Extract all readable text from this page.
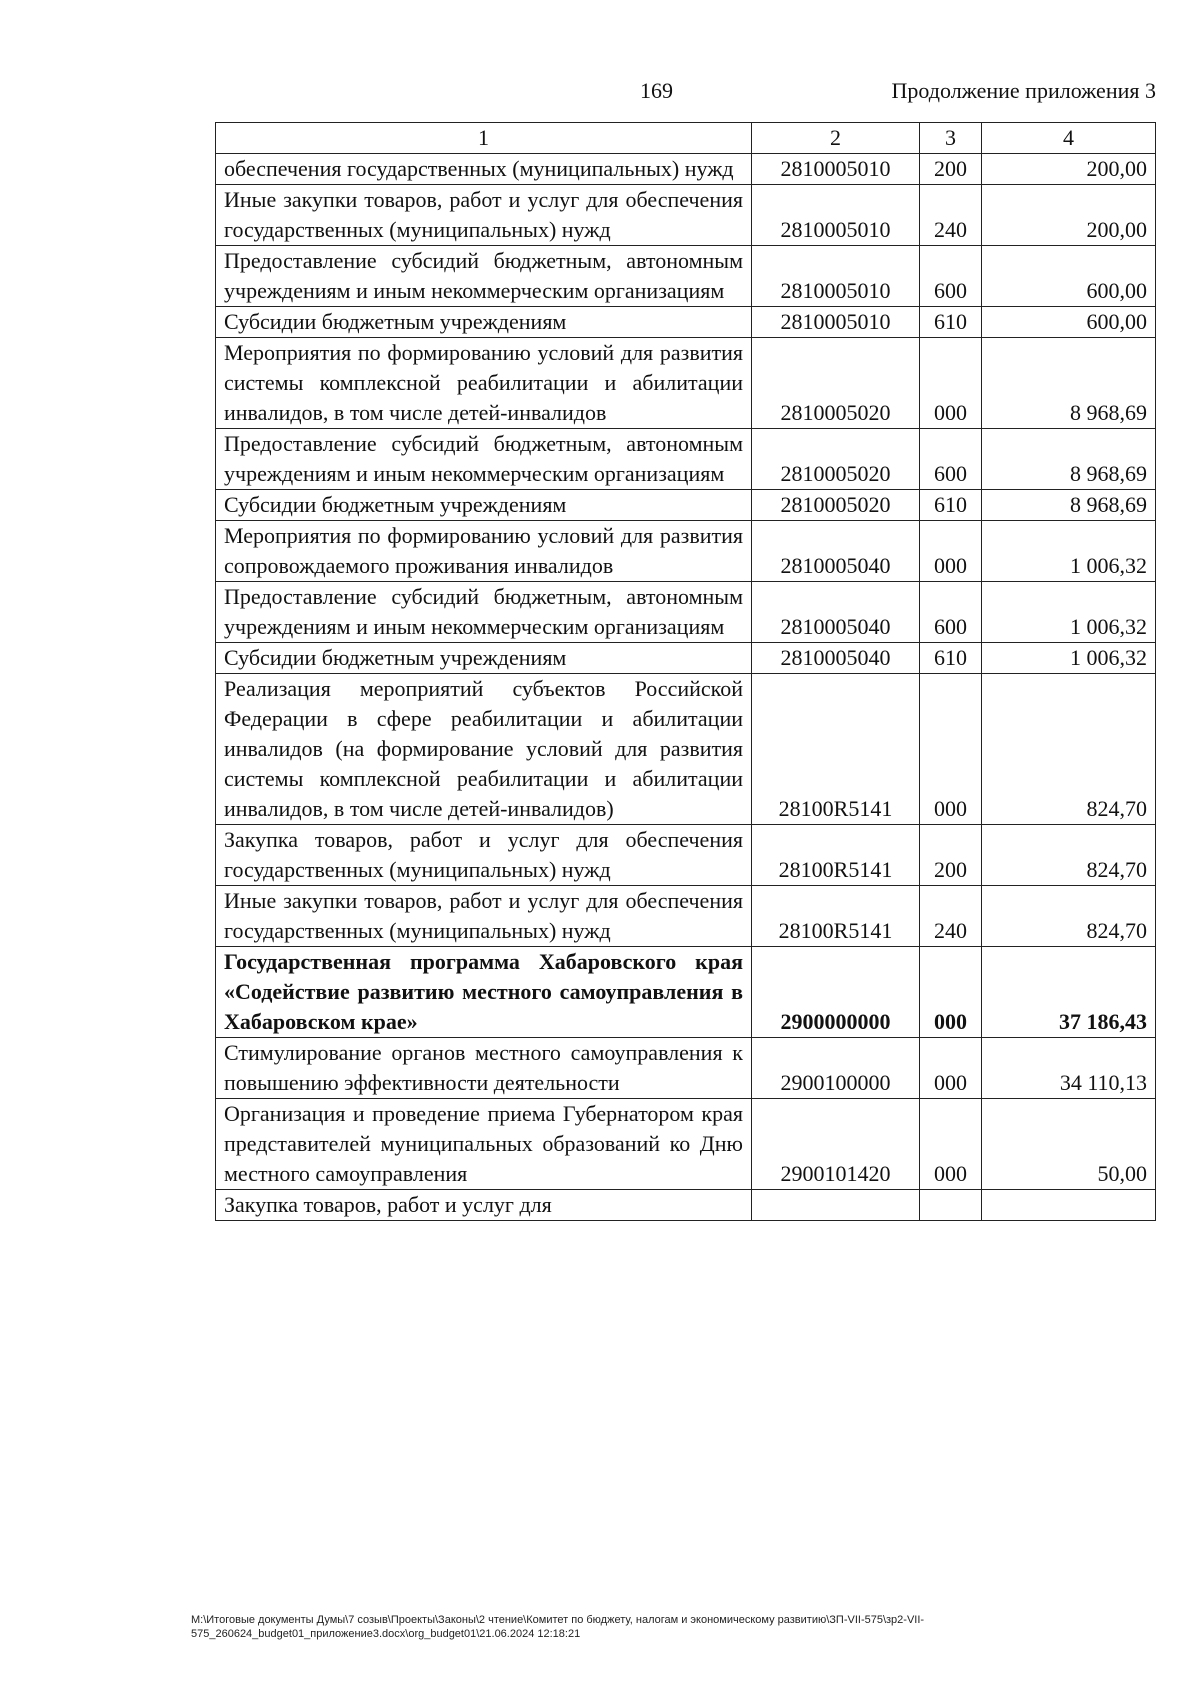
169	Продолжение приложения 3
1	2	3	4
обеспечения государственных (муниципальных) нужд	2810005010	200	200,00
Иные закупки товаров, работ и услуг для обеспечения государственных (муниципальных) нужд	2810005010	240	200,00
Предоставление субсидий бюджетным, автономным учреждениям и иным некоммерческим организациям	2810005010	600	600,00
Субсидии бюджетным учреждениям	2810005010	610	600,00
Мероприятия по формированию условий для развития системы комплексной реабилитации и абилитации инвалидов, в том числе детей-инвалидов	2810005020	000	8 968,69
Предоставление субсидий бюджетным, автономным учреждениям и иным некоммерческим организациям	2810005020	600	8 968,69
Субсидии бюджетным учреждениям	2810005020	610	8 968,69
Мероприятия по формированию условий для развития сопровождаемого проживания инвалидов	2810005040	000	1 006,32
Предоставление субсидий бюджетным, автономным учреждениям и иным некоммерческим организациям	2810005040	600	1 006,32
Субсидии бюджетным учреждениям	2810005040	610	1 006,32
Реализация мероприятий субъектов Российской Федерации в сфере реабилитации и абилитации инвалидов (на формирование условий для развития системы комплексной реабилитации и абилитации инвалидов, в том числе детей-инвалидов)	28100R5141	000	824,70
Закупка товаров, работ и услуг для обеспечения государственных (муниципальных) нужд	28100R5141	200	824,70
Иные закупки товаров, работ и услуг для обеспечения государственных (муниципальных) нужд	28100R5141	240	824,70
Государственная программа Хабаровского края «Содействие развитию местного самоуправления в Хабаровском крае»	2900000000	000	37 186,43
Стимулирование органов местного самоуправления к повышению эффективности деятельности	2900100000	000	34 110,13
Организация и проведение приема Губернатором края представителей муниципальных образований ко Дню местного самоуправления	2900101420	000	50,00
Закупка товаров, работ и услуг для			
М:\Итоговые документы Думы\7 созыв\Проекты\Законы\2 чтение\Комитет по бюджету, налогам и экономическому развитию\ЗП-VII-575\зр2-VII-575_260624_budget01_приложение3.docx\org_budget01\21.06.2024 12:18:21
